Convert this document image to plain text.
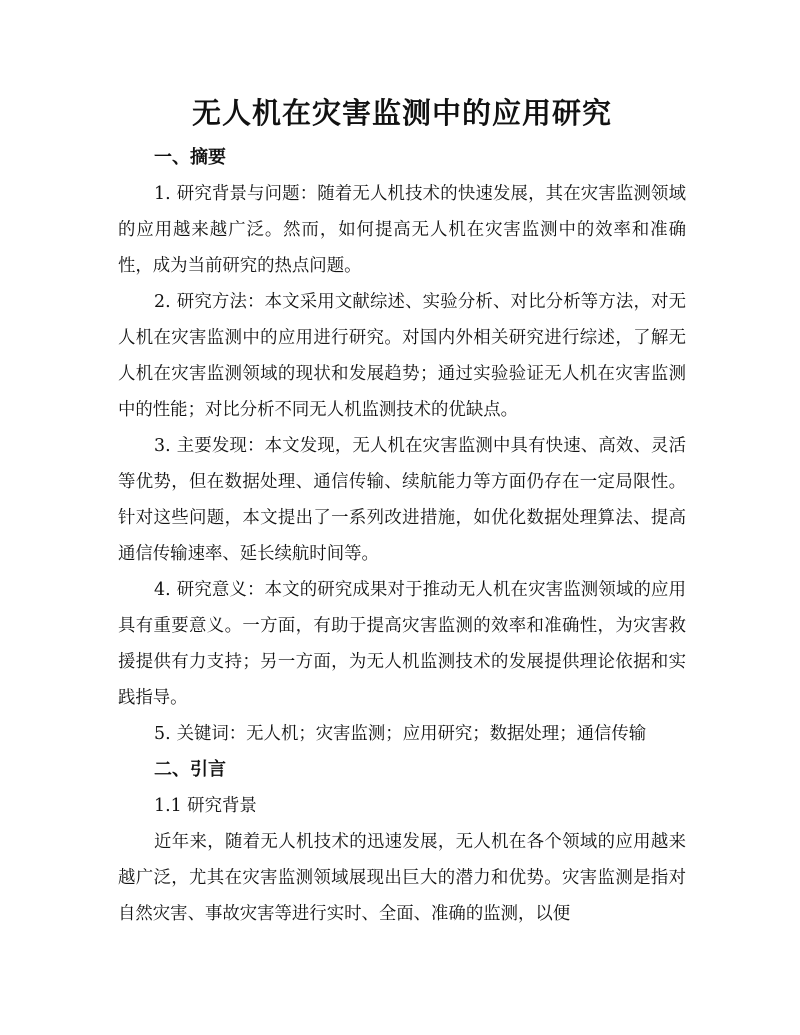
无人机在灾害监测中的应用研究
一、摘要

1. 研究背景与问题：随着无人机技术的快速发展，其在灾害监测领域的应用越来越广泛。然而，如何提高无人机在灾害监测中的效率和准确性，成为当前研究的热点问题。

2. 研究方法：本文采用文献综述、实验分析、对比分析等方法，对无人机在灾害监测中的应用进行研究。对国内外相关研究进行综述，了解无人机在灾害监测领域的现状和发展趋势；通过实验验证无人机在灾害监测中的性能；对比分析不同无人机监测技术的优缺点。

3. 主要发现：本文发现，无人机在灾害监测中具有快速、高效、灵活等优势，但在数据处理、通信传输、续航能力等方面仍存在一定局限性。针对这些问题，本文提出了一系列改进措施，如优化数据处理算法、提高通信传输速率、延长续航时间等。

4. 研究意义：本文的研究成果对于推动无人机在灾害监测领域的应用具有重要意义。一方面，有助于提高灾害监测的效率和准确性，为灾害救援提供有力支持；另一方面，为无人机监测技术的发展提供理论依据和实践指导。

5. 关键词：无人机；灾害监测；应用研究；数据处理；通信传输

二、引言

1.1 研究背景

近年来，随着无人机技术的迅速发展，无人机在各个领域的应用越来越广泛，尤其在灾害监测领域展现出巨大的潜力和优势。灾害监测是指对自然灾害、事故灾害等进行实时、全面、准确的监测，以便
